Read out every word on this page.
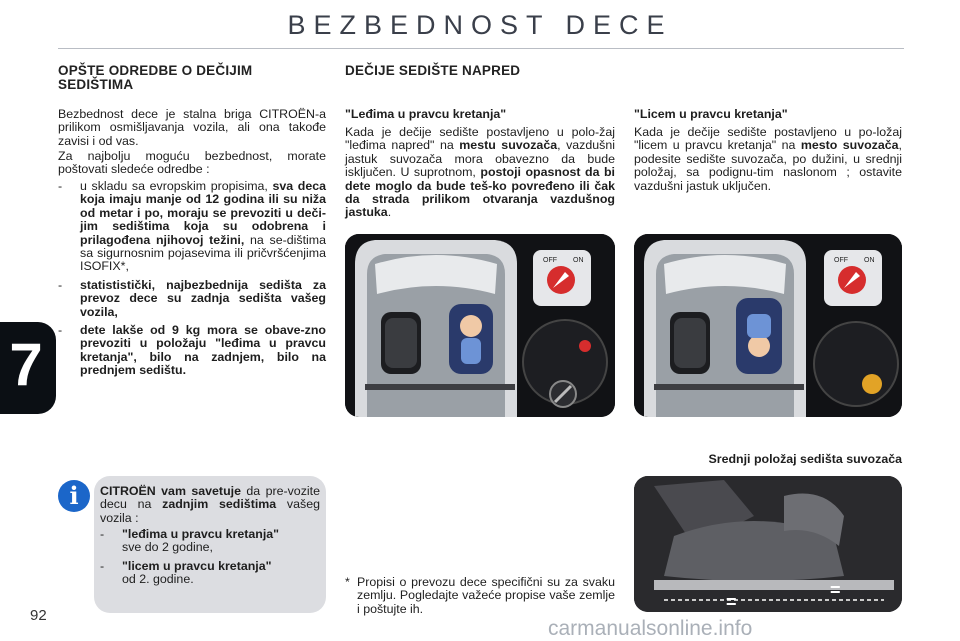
BEZBEDNOST DECE
7
OPŠTE ODREDBE O DEČIJIM
SEDIŠTIMA
Bezbednost dece je stalna briga CITROËN-a prilikom osmišljavanja vozila, ali ona takođe zavisi i od vas.
Za najbolju moguću bezbednost, morate poštovati sledeće odredbe :
- u skladu sa evropskim propisima, sva deca koja imaju manje od 12 godina ili su niža od metar i po, moraju se prevoziti u deči-jim sedištima koja su odobrena i prilagođena njihovoj težini, na se-dištima sa sigurnosnim pojasevima ili pričvršćenjima ISOFIX*,
- statististički, najbezbednija sedišta za prevoz dece su zadnja sedišta vašeg vozila,
- dete lakše od 9 kg mora se obave-zno prevoziti u položaju "leđima u pravcu kretanja", bilo na zadnjem, bilo na prednjem sedištu.
i	CITROËN vam savetuje da pre-vozite decu na zadnjim sedištima vašeg vozila :
- "leđima u pravcu kretanja"
sve do 2 godine,
- "licem u pravcu kretanja"
od 2. godine.
92
DEČIJE SEDIŠTE NAPRED
"Leđima u pravcu kretanja"
Kada je dečije sedište postavljeno u polo-žaj "leđima napred" na mestu suvozača, vazdušni jastuk suvozača mora obavezno da bude isključen. U suprotnom, postoji opasnost da bi dete moglo da bude teš-ko povređeno ili čak da strada prilikom otvaranja vazdušnog jastuka.
"Licem u pravcu kretanja"
Kada je dečije sedište postavljeno u po-ložaj "licem u pravcu kretanja" na mesto suvozača, podesite sedište suvozača, po dužini, u srednji položaj, sa podignu-tim naslonom ; ostavite vazdušni jastuk uključen.
OFF ON	OFF ON
Srednji položaj sedišta suvozača
=
=
* Propisi o prevozu dece specifični su za svaku zemlju. Pogledajte važeće propise vaše zemlje i poštujte ih.
carmanualsonline.info
